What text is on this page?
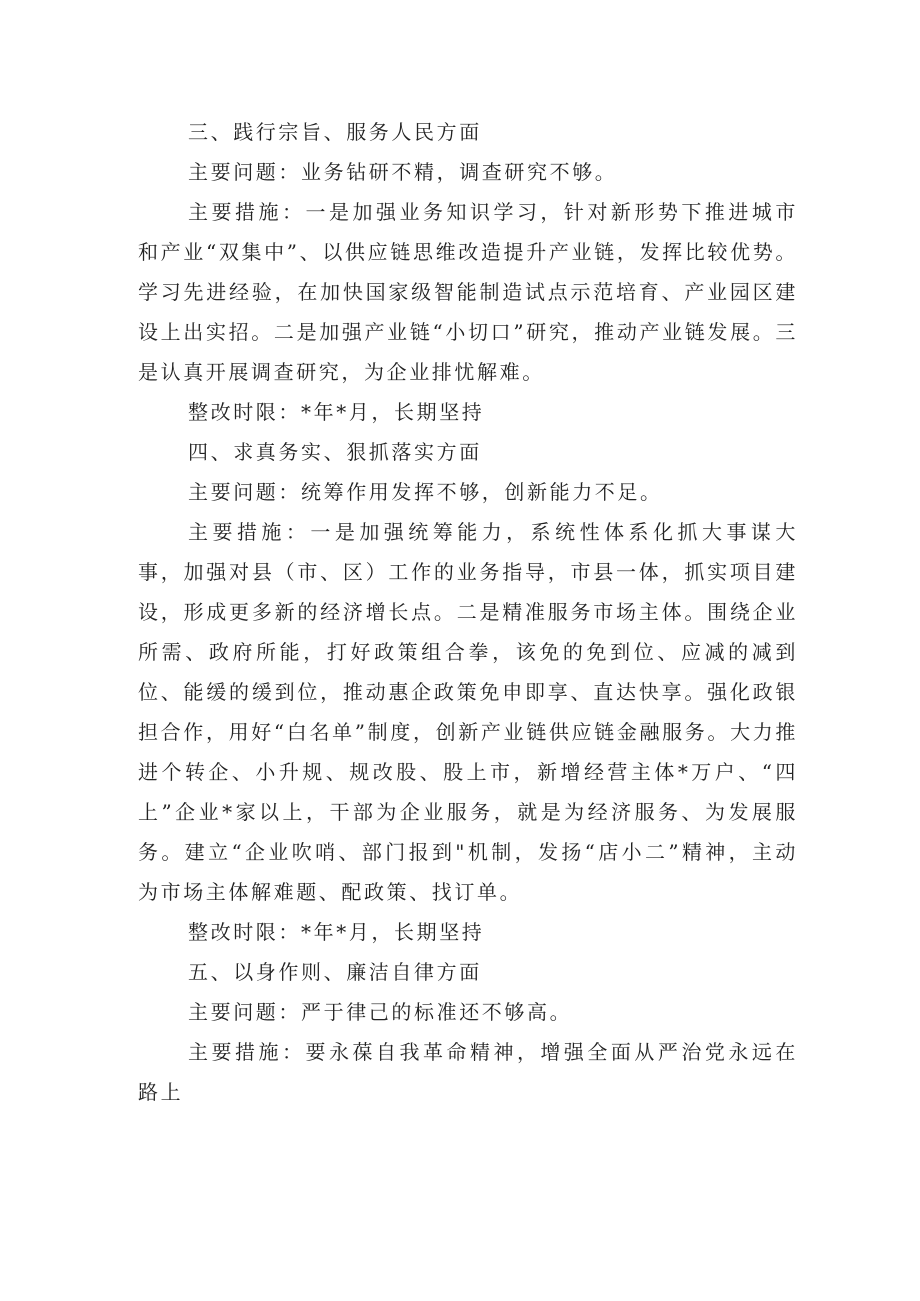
三、践行宗旨、服务人民方面

主要问题：业务钻研不精，调查研究不够。

主要措施：一是加强业务知识学习，针对新形势下推进城市和产业“双集中”、以供应链思维改造提升产业链，发挥比较优势。学习先进经验，在加快国家级智能制造试点示范培育、产业园区建设上出实招。二是加强产业链“小切口”研究，推动产业链发展。三是认真开展调查研究，为企业排忧解难。

整改时限：*年*月，长期坚持

四、求真务实、狠抓落实方面

主要问题：统筹作用发挥不够，创新能力不足。

主要措施：一是加强统筹能力，系统性体系化抓大事谋大事，加强对县（市、区）工作的业务指导，市县一体，抓实项目建设，形成更多新的经济增长点。二是精准服务市场主体。围绕企业所需、政府所能，打好政策组合拳，该免的免到位、应减的减到位、能缓的缓到位，推动惠企政策免申即享、直达快享。强化政银担合作，用好“白名单”制度，创新产业链供应链金融服务。大力推进个转企、小升规、规改股、股上市，新增经营主体*万户、“四上”企业*家以上，干部为企业服务，就是为经济服务、为发展服务。建立“企业吹哨、部门报到"机制，发扬“店小二”精神，主动为市场主体解难题、配政策、找订单。

整改时限：*年*月，长期坚持

五、以身作则、廉洁自律方面

主要问题：严于律己的标准还不够高。

主要措施：要永葆自我革命精神，增强全面从严治党永远在路上
